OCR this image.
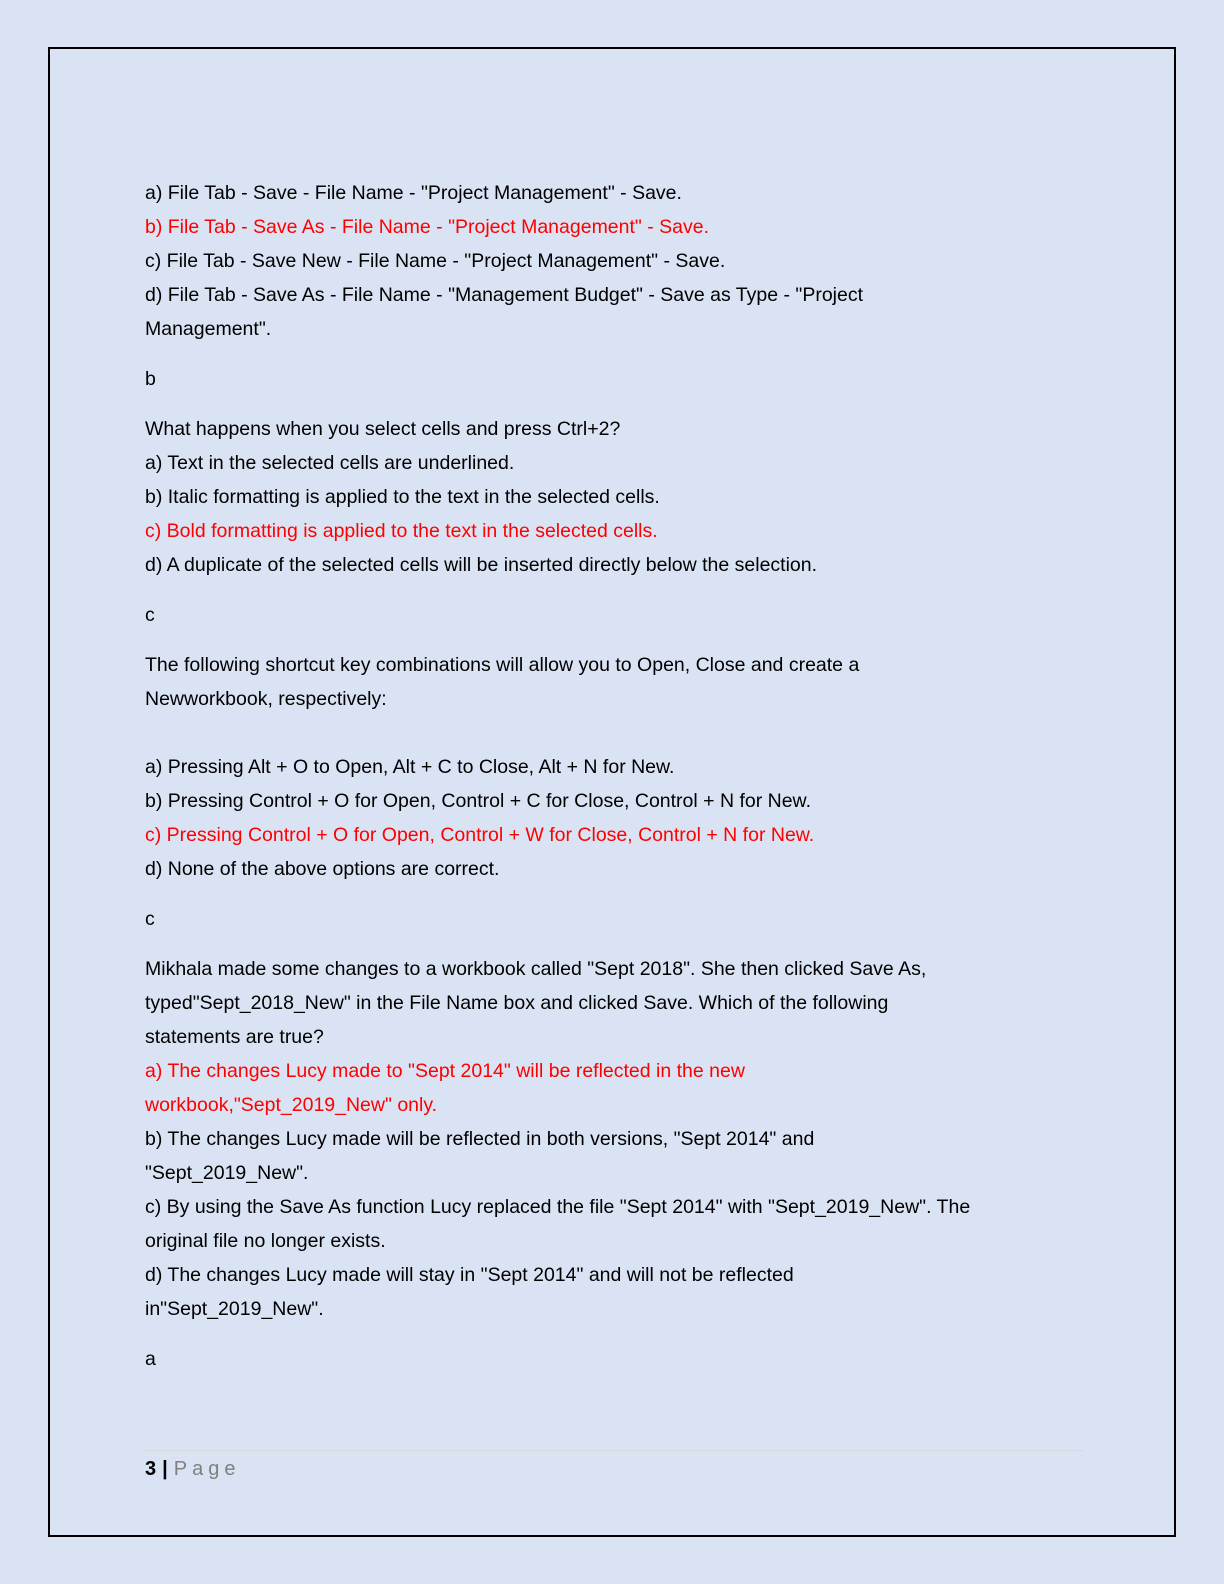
a) File Tab - Save - File Name - "Project Management" - Save.
b) File Tab - Save As - File Name - "Project Management" - Save.
c) File Tab - Save New - File Name - "Project Management" - Save.
d) File Tab - Save As - File Name - "Management Budget" - Save as Type - "Project
Management".
b
What happens when you select cells and press Ctrl+2?
a) Text in the selected cells are underlined.
b) Italic formatting is applied to the text in the selected cells.
c) Bold formatting is applied to the text in the selected cells.
d) A duplicate of the selected cells will be inserted directly below the selection.
c
The following shortcut key combinations will allow you to Open, Close and create a
Newworkbook, respectively:
a) Pressing Alt + O to Open, Alt + C to Close, Alt + N for New.
b) Pressing Control + O for Open, Control + C for Close, Control + N for New.
c) Pressing Control + O for Open, Control + W for Close, Control + N for New.
d) None of the above options are correct.
c
Mikhala made some changes to a workbook called "Sept 2018". She then clicked Save As,
typed"Sept_2018_New" in the File Name box and clicked Save. Which of the following
statements are true?
a) The changes Lucy made to "Sept 2014" will be reflected in the new
workbook,"Sept_2019_New" only.
b) The changes Lucy made will be reflected in both versions, "Sept 2014" and
"Sept_2019_New".
c) By using the Save As function Lucy replaced the file "Sept 2014" with "Sept_2019_New". The
original file no longer exists.
d) The changes Lucy made will stay in "Sept 2014" and will not be reflected
in"Sept_2019_New".
a
3 | Page
